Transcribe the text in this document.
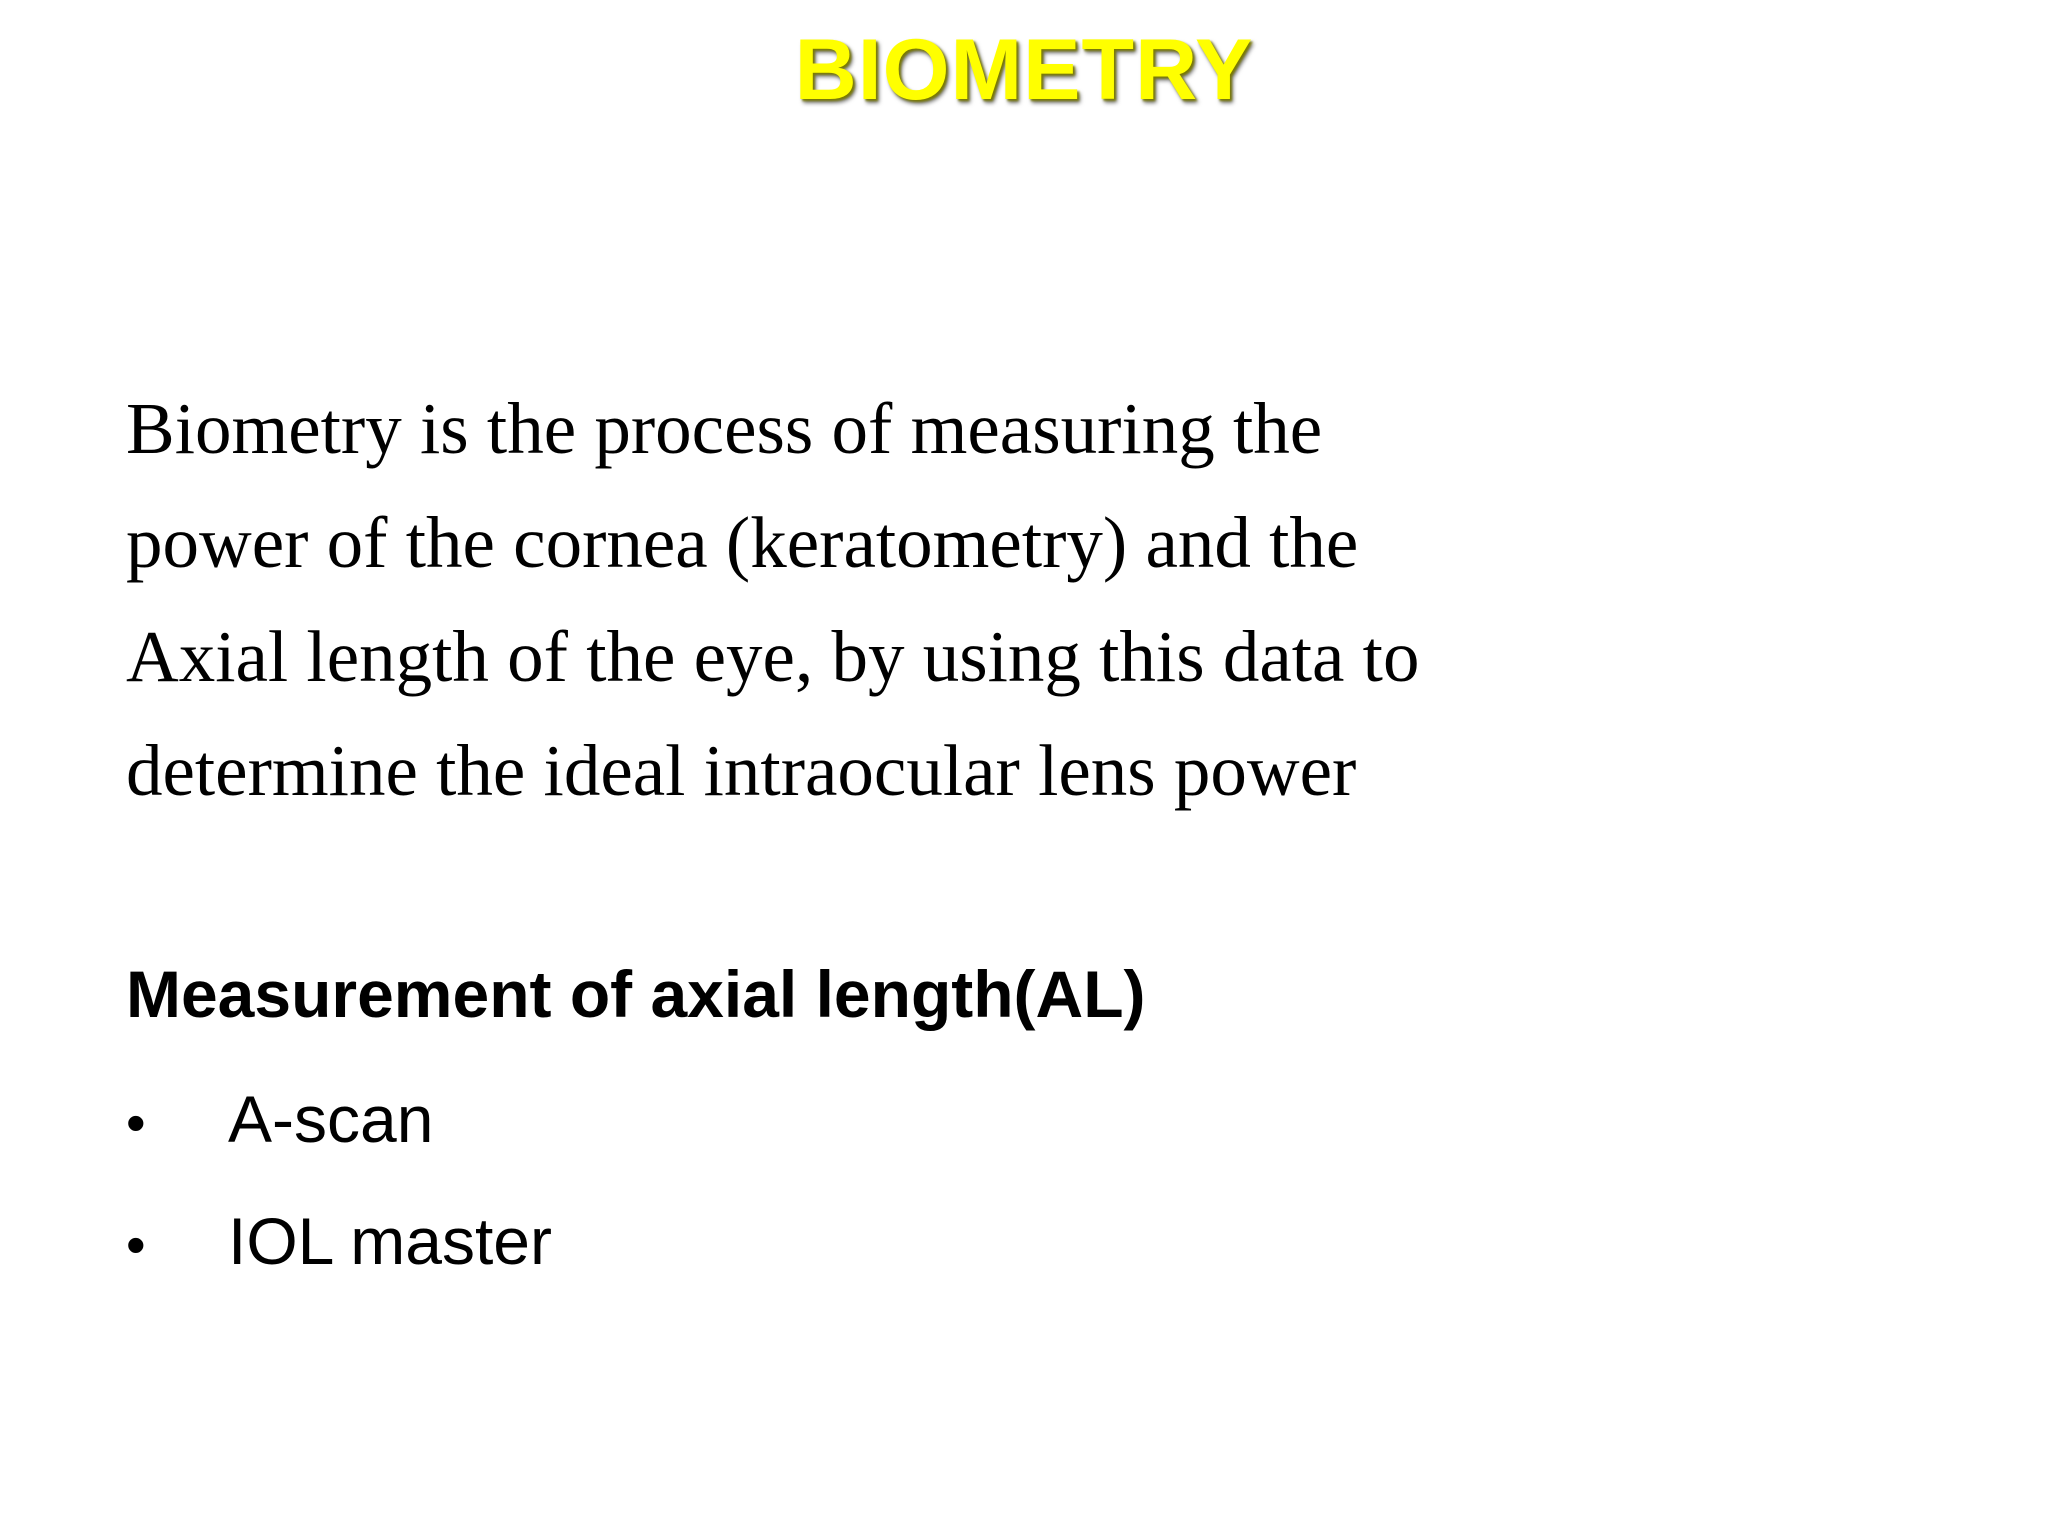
BIOMETRY

Biometry is the process of measuring the
power of the cornea (keratometry) and the
Axial length of the eye, by using this data to
determine the ideal intraocular lens power

Measurement of axial length(AL)
•	A-scan
•	IOL master
